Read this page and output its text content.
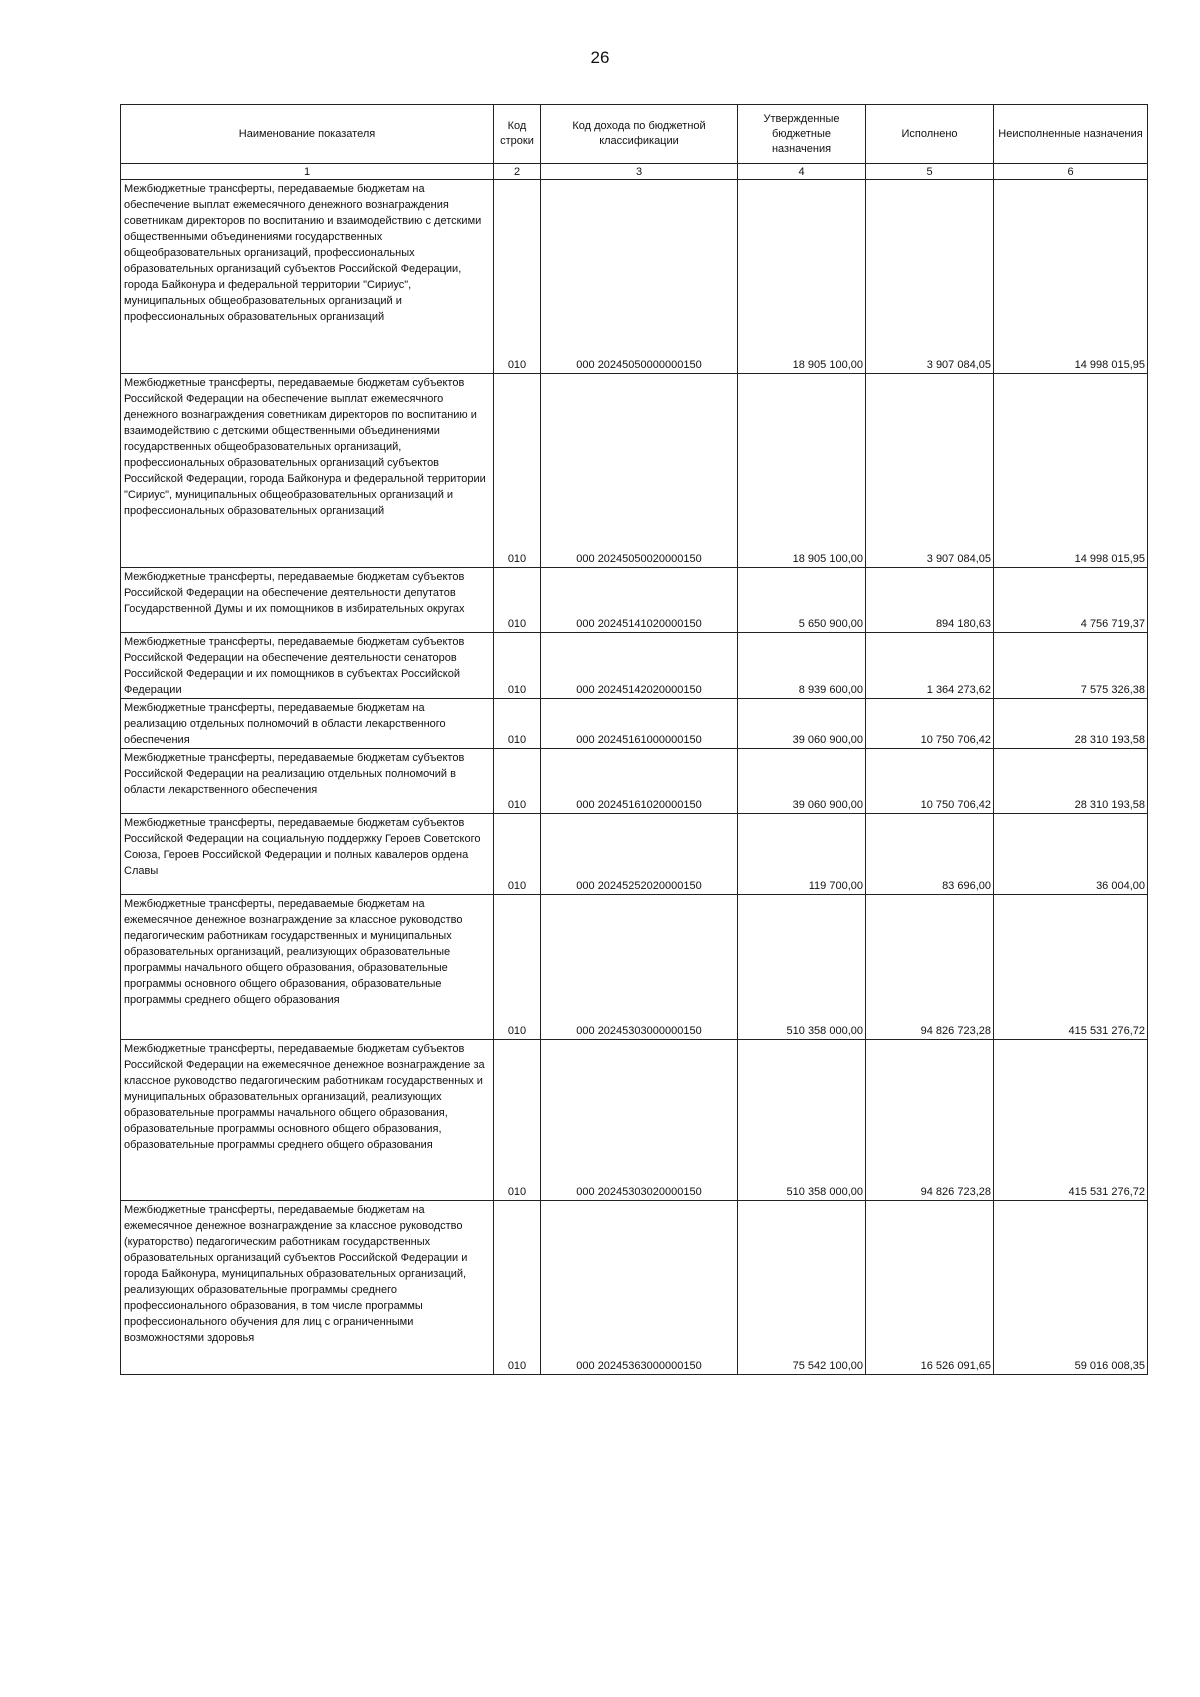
26
Наименование показателя	Код строки	Код дохода по бюджетной классификации	Утвержденные бюджетные назначения	Исполнено	Неисполненные назначения
1	2	3	4	5	6
Межбюджетные трансферты, передаваемые бюджетам на обеспечение выплат ежемесячного денежного вознаграждения советникам директоров по воспитанию и взаимодействию с детскими общественными объединениями государственных общеобразовательных организаций, профессиональных образовательных организаций субъектов Российской Федерации, города Байконура и федеральной территории "Сириус", муниципальных общеобразовательных организаций и профессиональных образовательных организаций	010	000 20245050000000150	18 905 100,00	3 907 084,05	14 998 015,95
Межбюджетные трансферты, передаваемые бюджетам субъектов Российской Федерации на обеспечение выплат ежемесячного денежного вознаграждения советникам директоров по воспитанию и взаимодействию с детскими общественными объединениями государственных общеобразовательных организаций, профессиональных образовательных организаций субъектов Российской Федерации, города Байконура и федеральной территории "Сириус", муниципальных общеобразовательных организаций и профессиональных образовательных организаций	010	000 20245050020000150	18 905 100,00	3 907 084,05	14 998 015,95
Межбюджетные трансферты, передаваемые бюджетам субъектов Российской Федерации на обеспечение деятельности депутатов Государственной Думы и их помощников в избирательных округах	010	000 20245141020000150	5 650 900,00	894 180,63	4 756 719,37
Межбюджетные трансферты, передаваемые бюджетам субъектов Российской Федерации на обеспечение деятельности сенаторов Российской Федерации и их помощников в субъектах Российской Федерации	010	000 20245142020000150	8 939 600,00	1 364 273,62	7 575 326,38
Межбюджетные трансферты, передаваемые бюджетам на реализацию отдельных полномочий в области лекарственного обеспечения	010	000 20245161000000150	39 060 900,00	10 750 706,42	28 310 193,58
Межбюджетные трансферты, передаваемые бюджетам субъектов Российской Федерации на реализацию отдельных полномочий в области лекарственного обеспечения	010	000 20245161020000150	39 060 900,00	10 750 706,42	28 310 193,58
Межбюджетные трансферты, передаваемые бюджетам субъектов Российской Федерации на социальную поддержку Героев Советского Союза, Героев Российской Федерации и полных кавалеров ордена Славы	010	000 20245252020000150	119 700,00	83 696,00	36 004,00
Межбюджетные трансферты, передаваемые бюджетам на ежемесячное денежное вознаграждение за классное руководство педагогическим работникам государственных и муниципальных образовательных организаций, реализующих образовательные программы начального общего образования, образовательные программы основного общего образования, образовательные программы среднего общего образования	010	000 20245303000000150	510 358 000,00	94 826 723,28	415 531 276,72
Межбюджетные трансферты, передаваемые бюджетам субъектов Российской Федерации на ежемесячное денежное вознаграждение за классное руководство педагогическим работникам государственных и муниципальных образовательных организаций, реализующих образовательные программы начального общего образования, образовательные программы основного общего образования, образовательные программы среднего общего образования	010	000 20245303020000150	510 358 000,00	94 826 723,28	415 531 276,72
Межбюджетные трансферты, передаваемые бюджетам на ежемесячное денежное вознаграждение за классное руководство (кураторство) педагогическим работникам государственных образовательных организаций субъектов Российской Федерации и города Байконура, муниципальных образовательных организаций, реализующих образовательные программы среднего профессионального образования, в том числе программы профессионального обучения для лиц с ограниченными возможностями здоровья	010	000 20245363000000150	75 542 100,00	16 526 091,65	59 016 008,35
